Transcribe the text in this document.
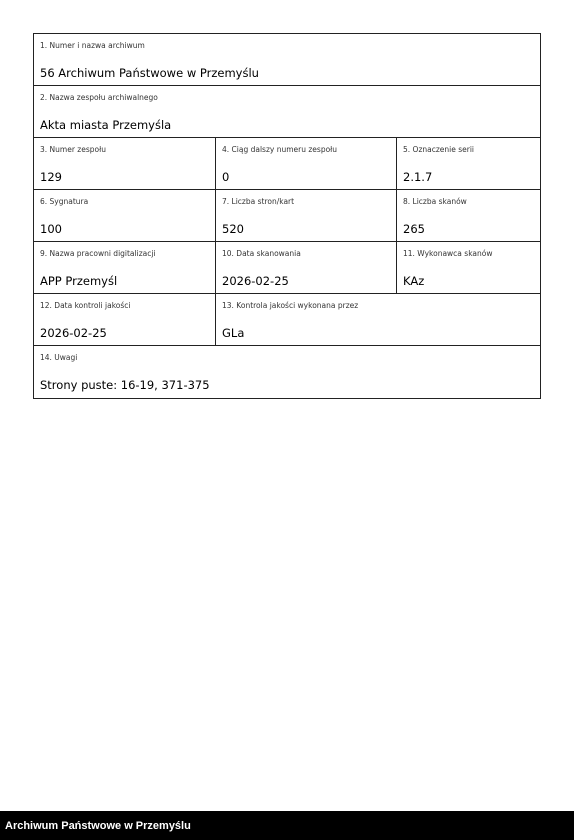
1. Numer i nazwa archiwum
56 Archiwum Państwowe w Przemyślu
2. Nazwa zespołu archiwalnego
Akta miasta Przemyśla
3. Numer zespołu
129
4. Ciąg dalszy numeru zespołu
0
5. Oznaczenie serii
2.1.7
6. Sygnatura
100
7. Liczba stron/kart
520
8. Liczba skanów
265
9. Nazwa pracowni digitalizacji
APP Przemyśl
10. Data skanowania
2026-02-25
11. Wykonawca skanów
KAz
12. Data kontroli jakości
2026-02-25
13. Kontrola jakości wykonana przez
GLa
14. Uwagi
Strony puste: 16-19, 371-375
Archiwum Państwowe w Przemyślu
